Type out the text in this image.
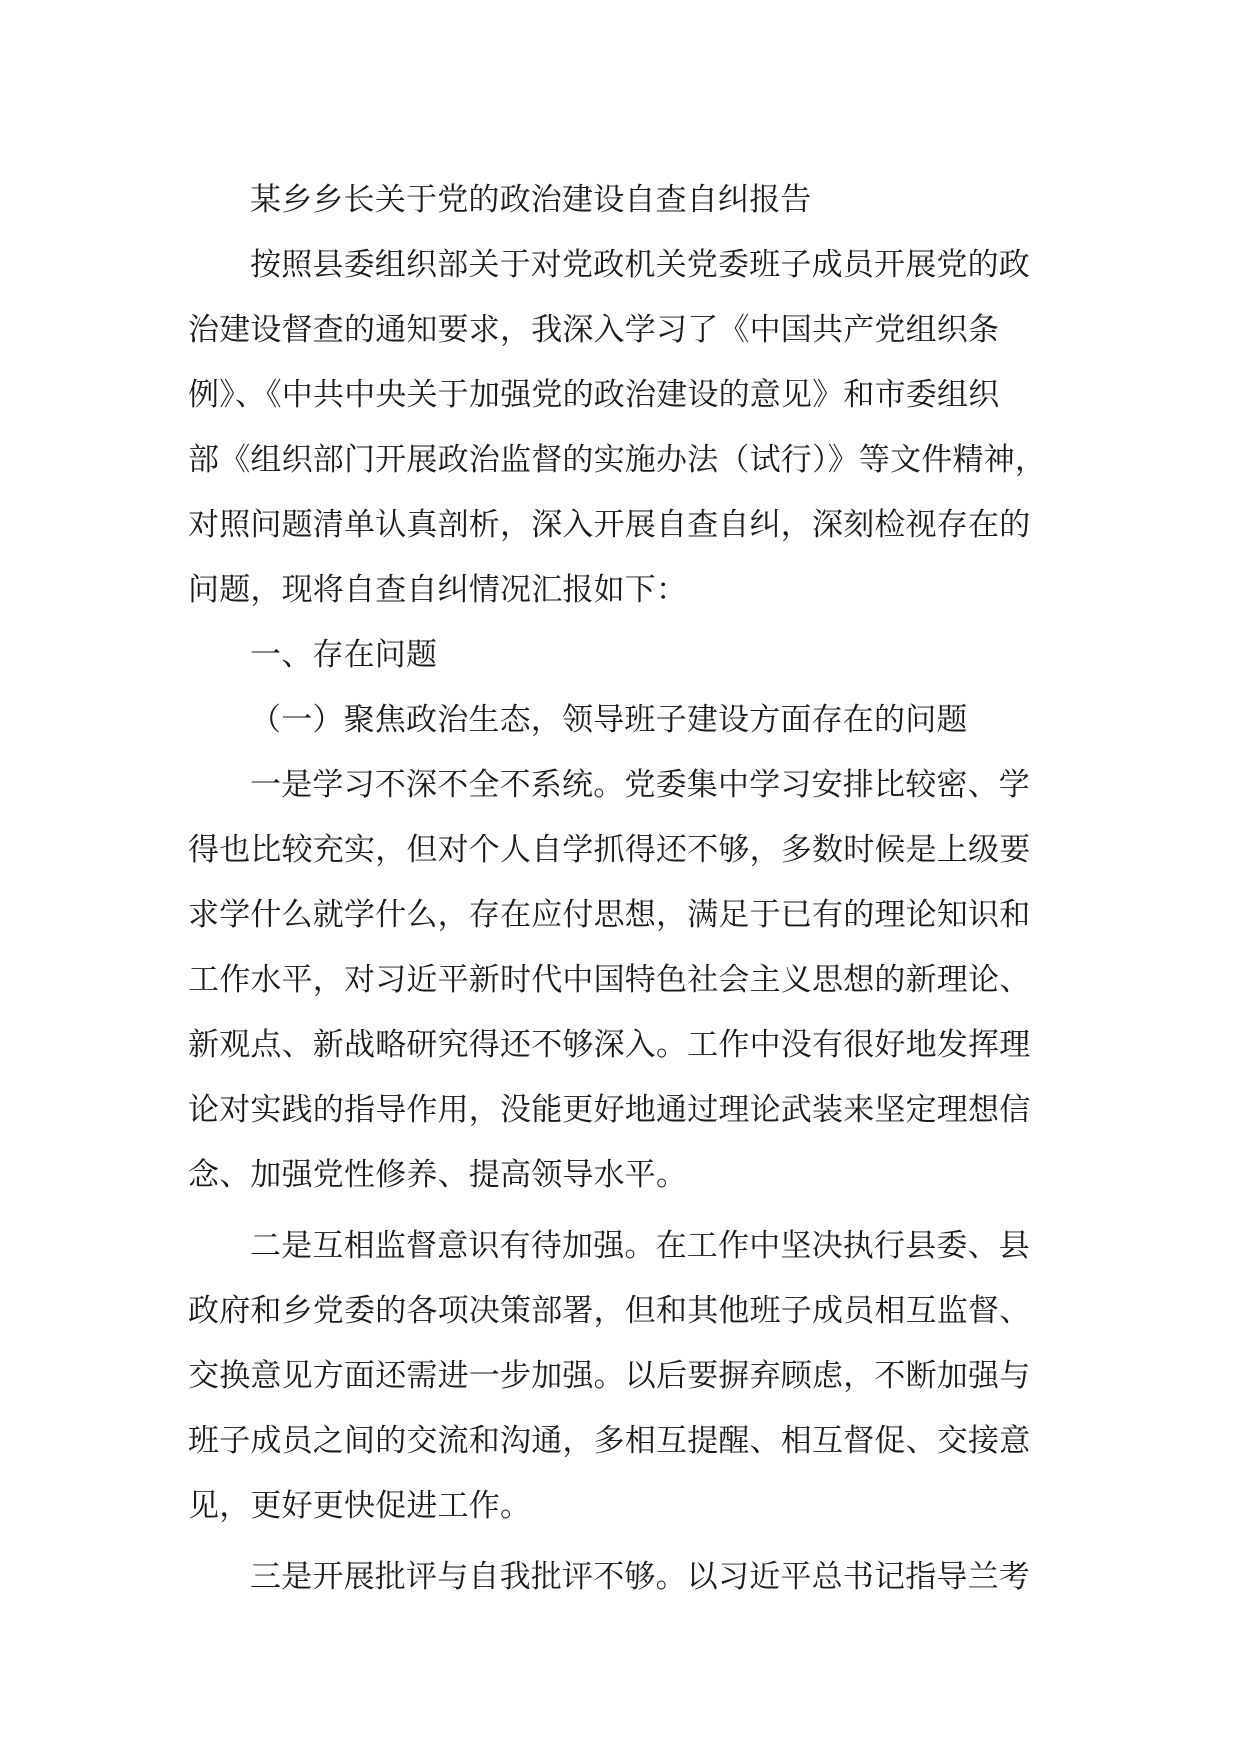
某乡乡长关于党的政治建设自查自纠报告
按照县委组织部关于对党政机关党委班子成员开展党的政
治建设督查的通知要求，我深入学习了《中国共产党组织条
例》、《中共中央关于加强党的政治建设的意见》和市委组织
部《组织部门开展政治监督的实施办法（试行）》等文件精神，
对照问题清单认真剖析，深入开展自查自纠，深刻检视存在的
问题，现将自查自纠情况汇报如下：
一、存在问题
（一）聚焦政治生态，领导班子建设方面存在的问题
一是学习不深不全不系统。党委集中学习安排比较密、学
得也比较充实，但对个人自学抓得还不够，多数时候是上级要
求学什么就学什么，存在应付思想，满足于已有的理论知识和
工作水平，对习近平新时代中国特色社会主义思想的新理论、
新观点、新战略研究得还不够深入。工作中没有很好地发挥理
论对实践的指导作用，没能更好地通过理论武装来坚定理想信
念、加强党性修养、提高领导水平。
二是互相监督意识有待加强。在工作中坚决执行县委、县
政府和乡党委的各项决策部署，但和其他班子成员相互监督、
交换意见方面还需进一步加强。以后要摒弃顾虑，不断加强与
班子成员之间的交流和沟通，多相互提醒、相互督促、交接意
见，更好更快促进工作。
三是开展批评与自我批评不够。以习近平总书记指导兰考
